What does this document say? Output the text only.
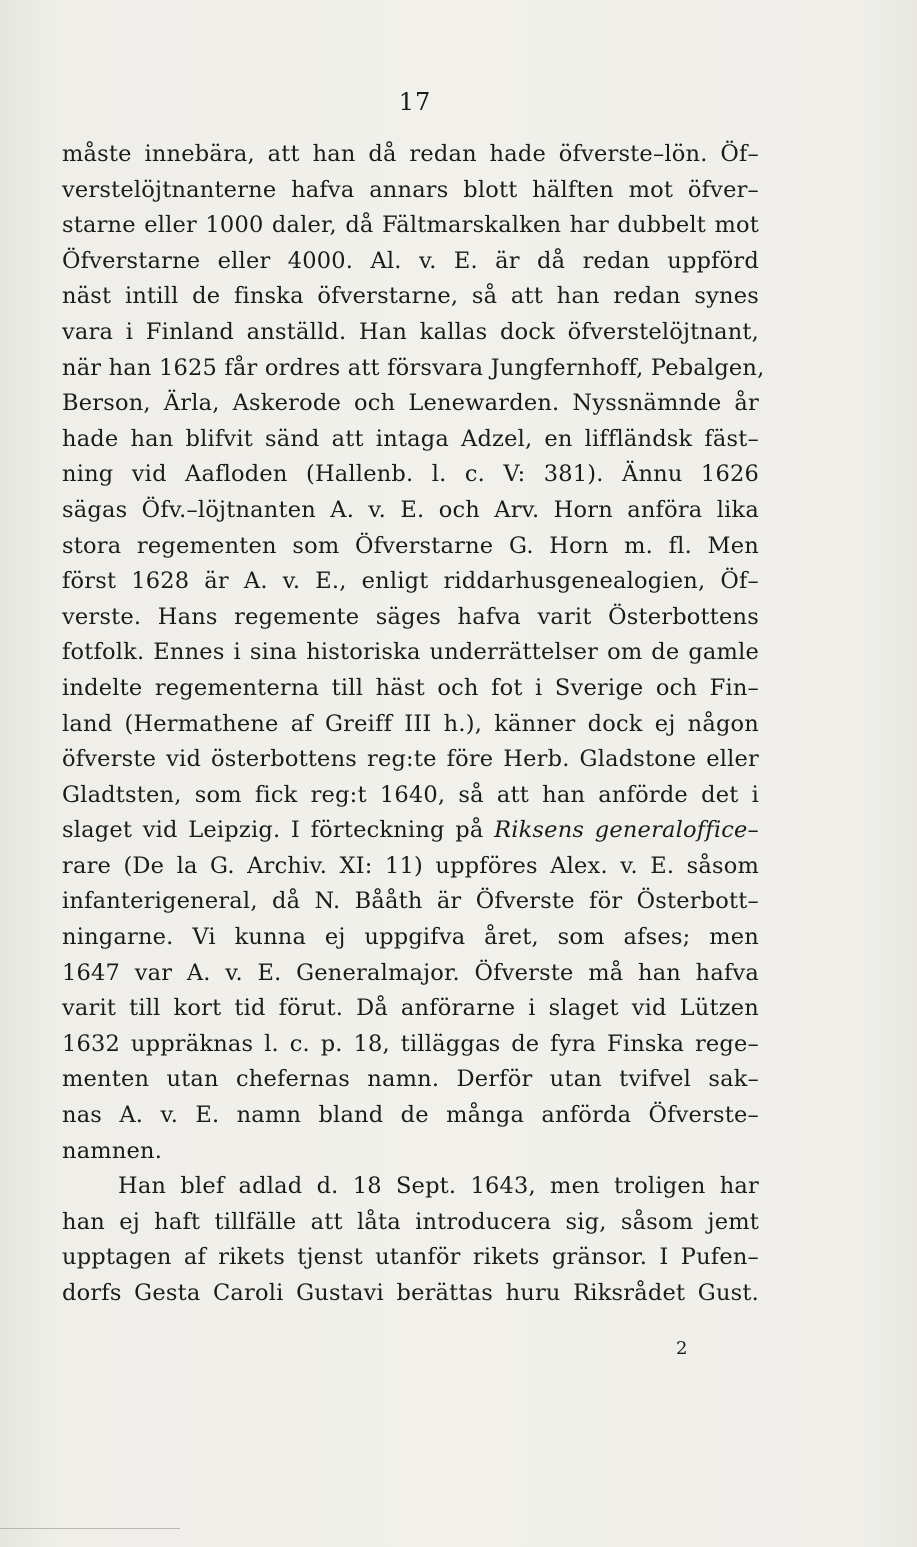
17
måste innebära, att han då redan hade öfverste–lön. Öf–
verstelöjtnanterne hafva annars blott hälften mot öfver–
starne eller 1000 daler, då Fältmarskalken har dubbelt mot
Öfverstarne eller 4000. Al. v. E. är då redan uppförd
näst intill de finska öfverstarne, så att han redan synes
vara i Finland anställd. Han kallas dock öfverstelöjtnant,
när han 1625 får ordres att försvara Jungfernhoff, Pebalgen,
Berson, Ärla, Askerode och Lenewarden. Nyssnämnde år
hade han blifvit sänd att intaga Adzel, en liffländsk fäst–
ning vid Aafloden (Hallenb. l. c. V: 381). Ännu 1626
sägas Öfv.–löjtnanten A. v. E. och Arv. Horn anföra lika
stora regementen som Öfverstarne G. Horn m. fl. Men
först 1628 är A. v. E., enligt riddarhusgenealogien, Öf–
verste. Hans regemente säges hafva varit Österbottens
fotfolk. Ennes i sina historiska underrättelser om de gamle
indelte regementerna till häst och fot i Sverige och Fin–
land (Hermathene af Greiff III h.), känner dock ej någon
öfverste vid österbottens reg:te före Herb. Gladstone eller
Gladtsten, som fick reg:t 1640, så att han anförde det i
slaget vid Leipzig. I förteckning på Riksens generaloffice–
rare (De la G. Archiv. XI: 11) uppföres Alex. v. E. såsom
infanterigeneral, då N. Bååth är Öfverste för Österbott–
ningarne. Vi kunna ej uppgifva året, som afses; men
1647 var A. v. E. Generalmajor. Öfverste må han hafva
varit till kort tid förut. Då anförarne i slaget vid Lützen
1632 uppräknas l. c. p. 18, tilläggas de fyra Finska rege–
menten utan chefernas namn. Derför utan tvifvel sak–
nas A. v. E. namn bland de många anförda Öfverste–
namnen.
Han blef adlad d. 18 Sept. 1643, men troligen har
han ej haft tillfälle att låta introducera sig, såsom jemt
upptagen af rikets tjenst utanför rikets gränsor. I Pufen–
dorfs Gesta Caroli Gustavi berättas huru Riksrådet Gust.
2
